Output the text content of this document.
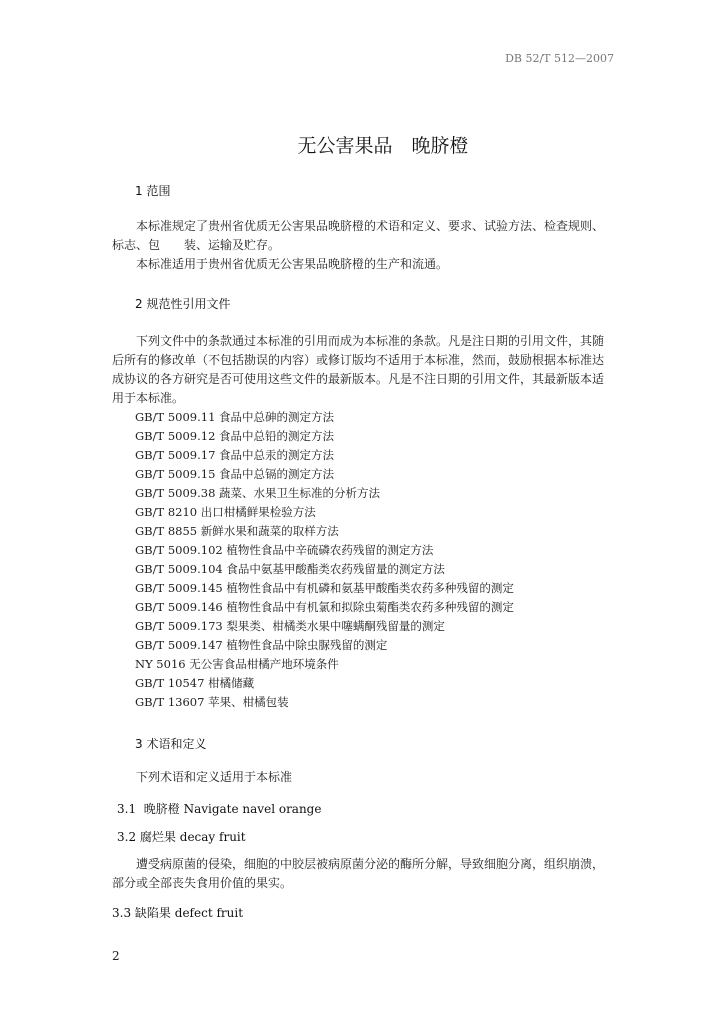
DB 52/T 512—2007
无公害果品　晚脐橙
1 范围

本标准规定了贵州省优质无公害果品晚脐橙的术语和定义、要求、试验方法、检查规则、标志、包　　装、运输及贮存。

本标准适用于贵州省优质无公害果品晚脐橙的生产和流通。

2 规范性引用文件

下列文件中的条款通过本标准的引用而成为本标准的条款。凡是注日期的引用文件，其随后所有的修改单（不包括勘误的内容）或修订版均不适用于本标准，然而，鼓励根据本标准达成协议的各方研究是否可使用这些文件的最新版本。凡是不注日期的引用文件，其最新版本适用于本标准。

GB/T 5009.11 食品中总砷的测定方法
GB/T 5009.12 食品中总铅的测定方法
GB/T 5009.17 食品中总汞的测定方法
GB/T 5009.15 食品中总镉的测定方法
GB/T 5009.38 蔬菜、水果卫生标准的分析方法
GB/T 8210 出口柑橘鲜果检验方法
GB/T 8855 新鲜水果和蔬菜的取样方法
GB/T 5009.102 植物性食品中辛硫磷农药残留的测定方法
GB/T 5009.104 食品中氨基甲酸酯类农药残留量的测定方法
GB/T 5009.145 植物性食品中有机磷和氨基甲酸酯类农药多种残留的测定
GB/T 5009.146 植物性食品中有机氯和拟除虫菊酯类农药多种残留的测定
GB/T 5009.173 梨果类、柑橘类水果中噻螨酮残留量的测定
GB/T 5009.147 植物性食品中除虫脲残留的测定
NY 5016 无公害食品柑橘产地环境条件
GB/T 10547 柑橘储藏
GB/T 13607 苹果、柑橘包装
3 术语和定义

下列术语和定义适用于本标准

3.1 晚脐橙 Navigate navel orange
3.2 腐烂果 decay fruit

遭受病原菌的侵染，细胞的中胶层被病原菌分泌的酶所分解，导致细胞分离，组织崩溃，部分或全部丧失食用价值的果实。

3.3 缺陷果 defect fruit
2
